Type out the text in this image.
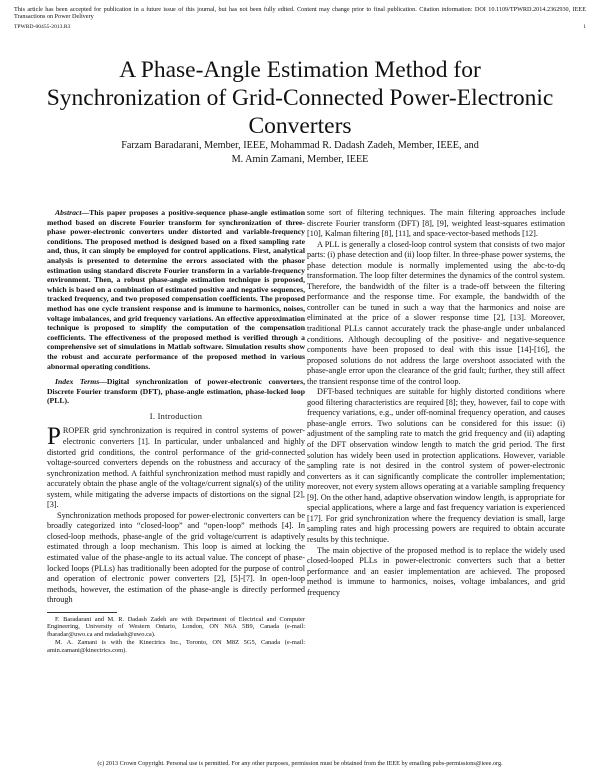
This article has been accepted for publication in a future issue of this journal, but has not been fully edited. Content may change prior to final publication. Citation information: DOI 10.1109/TPWRD.2014.2362930, IEEE Transactions on Power Delivery
TPWRD-00455-2013.R3	1
A Phase-Angle Estimation Method for Synchronization of Grid-Connected Power-Electronic Converters
Farzam Baradarani, Member, IEEE, Mohammad R. Dadash Zadeh, Member, IEEE, and
M. Amin Zamani, Member, IEEE

Abstract—This paper proposes a positive-sequence phase-angle estimation method based on discrete Fourier transform for synchronization of three-phase power-electronic converters under distorted and variable-frequency conditions. The proposed method is designed based on a fixed sampling rate and, thus, it can simply be employed for control applications. First, analytical analysis is presented to determine the errors associated with the phasor estimation using standard discrete Fourier transform in a variable-frequency environment. Then, a robust phase-angle estimation technique is proposed, which is based on a combination of estimated positive and negative sequences, tracked frequency, and two proposed compensation coefficients. The proposed method has one cycle transient response and is immune to harmonics, noises, voltage imbalances, and grid frequency variations. An effective approximation technique is proposed to simplify the computation of the compensation coefficients. The effectiveness of the proposed method is verified through a comprehensive set of simulations in Matlab software. Simulation results show the robust and accurate performance of the proposed method in various abnormal operating conditions.

Index Terms—Digital synchronization of power-electronic converters, Discrete Fourier transform (DFT), phase-angle estimation, phase-locked loop (PLL).

I. Introduction

PROPER grid synchronization is required in control systems of power-electronic converters [1]. In particular, under unbalanced and highly distorted grid conditions, the control performance of the grid-connected voltage-sourced converters depends on the robustness and accuracy of the synchronization method. A faithful synchronization method must rapidly and accurately obtain the phase angle of the voltage/current signal(s) of the utility system, while mitigating the adverse impacts of distortions on the signal [2], [3].

Synchronization methods proposed for power-electronic converters can be broadly categorized into “closed-loop” and “open-loop” methods [4]. In closed-loop methods, phase-angle of the grid voltage/current is adaptively estimated through a loop mechanism. This loop is aimed at locking the estimated value of the phase-angle to its actual value. The concept of phase-locked loops (PLLs) has traditionally been adopted for the purpose of control and operation of electronic power converters [2], [5]-[7]. In open-loop methods, however, the estimation of the phase-angle is directly performed through

F. Baradarani and M. R. Dadash Zadeh are with Department of Electrical and Computer Engineering, University of Western Ontario, London, ON N6A 5B9, Canada (e-mail: fbaradar@uwo.ca and mdadash@uwo.ca).

M. A. Zamani is with the Kinectrics Inc., Toronto, ON M8Z 5G5, Canada (e-mail: amin.zamani@kinectrics.com).

some sort of filtering techniques. The main filtering approaches include discrete Fourier transform (DFT) [8], [9], weighted least-squares estimation [10], Kalman filtering [8], [11], and space-vector-based methods [12].

A PLL is generally a closed-loop control system that consists of two major parts: (i) phase detection and (ii) loop filter. In three-phase power systems, the phase detection module is normally implemented using the abc-to-dq transformation. The loop filter determines the dynamics of the control system. Therefore, the bandwidth of the filter is a trade-off between the filtering performance and the response time. For example, the bandwidth of the controller can be tuned in such a way that the harmonics and noise are eliminated at the price of a slower response time [2], [13]. Moreover, traditional PLLs cannot accurately track the phase-angle under unbalanced conditions. Although decoupling of the positive- and negative-sequence components have been proposed to deal with this issue [14]-[16], the proposed solutions do not address the large overshoot associated with the phase-angle error upon the clearance of the grid fault; further, they still affect the transient response time of the control loop.

DFT-based techniques are suitable for highly distorted conditions where good filtering characteristics are required [8]; they, however, fail to cope with frequency variations, e.g., under off-nominal frequency operation, and causes phase-angle errors. Two solutions can be considered for this issue: (i) adjustment of the sampling rate to match the grid frequency and (ii) adapting of the DFT observation window length to match the grid period. The first solution has widely been used in protection applications. However, variable sampling rate is not desired in the control system of power-electronic converters as it can significantly complicate the controller implementation; moreover, not every system allows operating at a variable sampling frequency [9]. On the other hand, adaptive observation window length, is appropriate for special applications, where a large and fast frequency variation is experienced [17]. For grid synchronization where the frequency deviation is small, large sampling rates and high processing powers are required to obtain accurate results by this technique.

The main objective of the proposed method is to replace the widely used closed-looped PLLs in power-electronic converters such that a better performance and an easier implementation are achieved. The proposed method is immune to harmonics, noises, voltage imbalances, and grid frequency

(c) 2013 Crown Copyright. Personal use is permitted. For any other purposes, permission must be obtained from the IEEE by emailing pubs-permissions@ieee.org.
